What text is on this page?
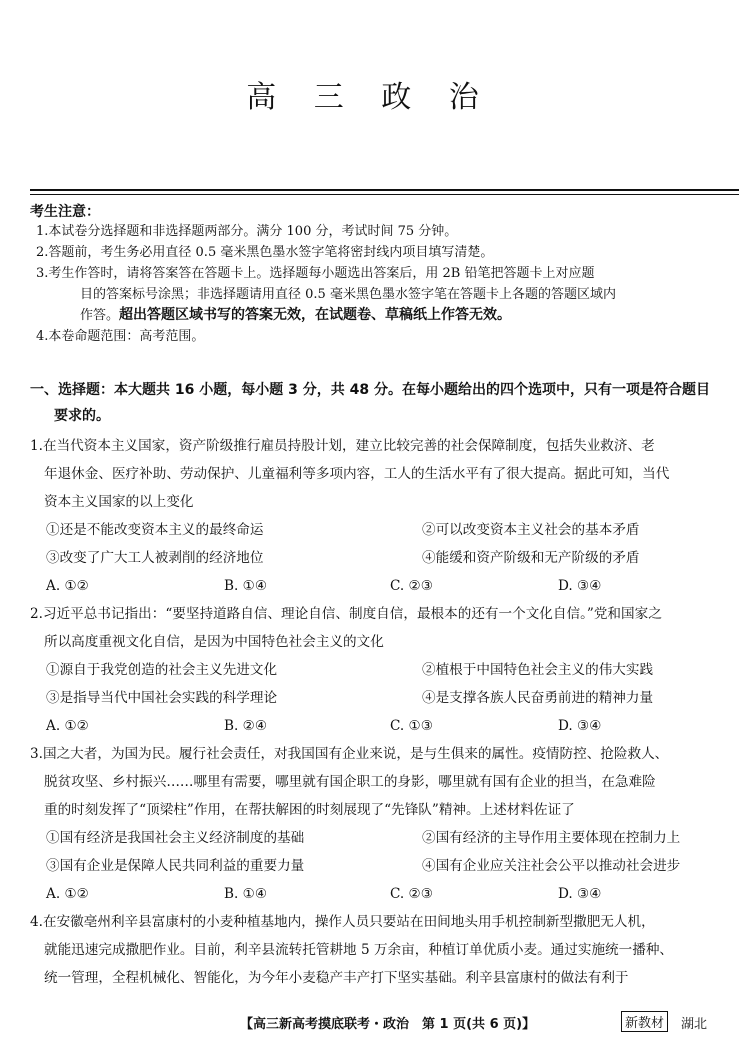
高 三 政 治
考生注意：

1.本试卷分选择题和非选择题两部分。满分 100 分，考试时间 75 分钟。

2.答题前，考生务必用直径 0.5 毫米黑色墨水签字笔将密封线内项目填写清楚。

3.考生作答时，请将答案答在答题卡上。选择题每小题选出答案后，用 2B 铅笔把答题卡上对应题

目的答案标号涂黑；非选择题请用直径 0.5 毫米黑色墨水签字笔在答题卡上各题的答题区域内

作答。超出答题区域书写的答案无效，在试题卷、草稿纸上作答无效。

4.本卷命题范围：高考范围。

一、选择题：本大题共 16 小题，每小题 3 分，共 48 分。在每小题给出的四个选项中，只有一项是符合题目
要求的。
1.在当代资本主义国家，资产阶级推行雇员持股计划，建立比较完善的社会保障制度，包括失业救济、老
年退休金、医疗补助、劳动保护、儿童福利等多项内容，工人的生活水平有了很大提高。据此可知，当代
资本主义国家的以上变化
①还是不能改变资本主义的最终命运	②可以改变资本主义社会的基本矛盾
③改变了广大工人被剥削的经济地位	④能缓和资产阶级和无产阶级的矛盾
A. ①②	B. ①④	C. ②③	D. ③④
2.习近平总书记指出：“要坚持道路自信、理论自信、制度自信，最根本的还有一个文化自信。”党和国家之
所以高度重视文化自信，是因为中国特色社会主义的文化
①源自于我党创造的社会主义先进文化	②植根于中国特色社会主义的伟大实践
③是指导当代中国社会实践的科学理论	④是支撑各族人民奋勇前进的精神力量
A. ①②	B. ②④	C. ①③	D. ③④
3.国之大者，为国为民。履行社会责任，对我国国有企业来说，是与生俱来的属性。疫情防控、抢险救人、
脱贫攻坚、乡村振兴……哪里有需要，哪里就有国企职工的身影，哪里就有国有企业的担当，在急难险
重的时刻发挥了“顶梁柱”作用，在帮扶解困的时刻展现了“先锋队”精神。上述材料佐证了
①国有经济是我国社会主义经济制度的基础	②国有经济的主导作用主要体现在控制力上
③国有企业是保障人民共同利益的重要力量	④国有企业应关注社会公平以推动社会进步
A. ①②	B. ①④	C. ②③	D. ③④
4.在安徽亳州利辛县富康村的小麦种植基地内，操作人员只要站在田间地头用手机控制新型撒肥无人机，
就能迅速完成撒肥作业。目前，利辛县流转托管耕地 5 万余亩，种植订单优质小麦。通过实施统一播种、
统一管理，全程机械化、智能化，为今年小麦稳产丰产打下坚实基础。利辛县富康村的做法有利于
【高三新高考摸底联考・政治　第 1 页(共 6 页)】	新教材	湖北
